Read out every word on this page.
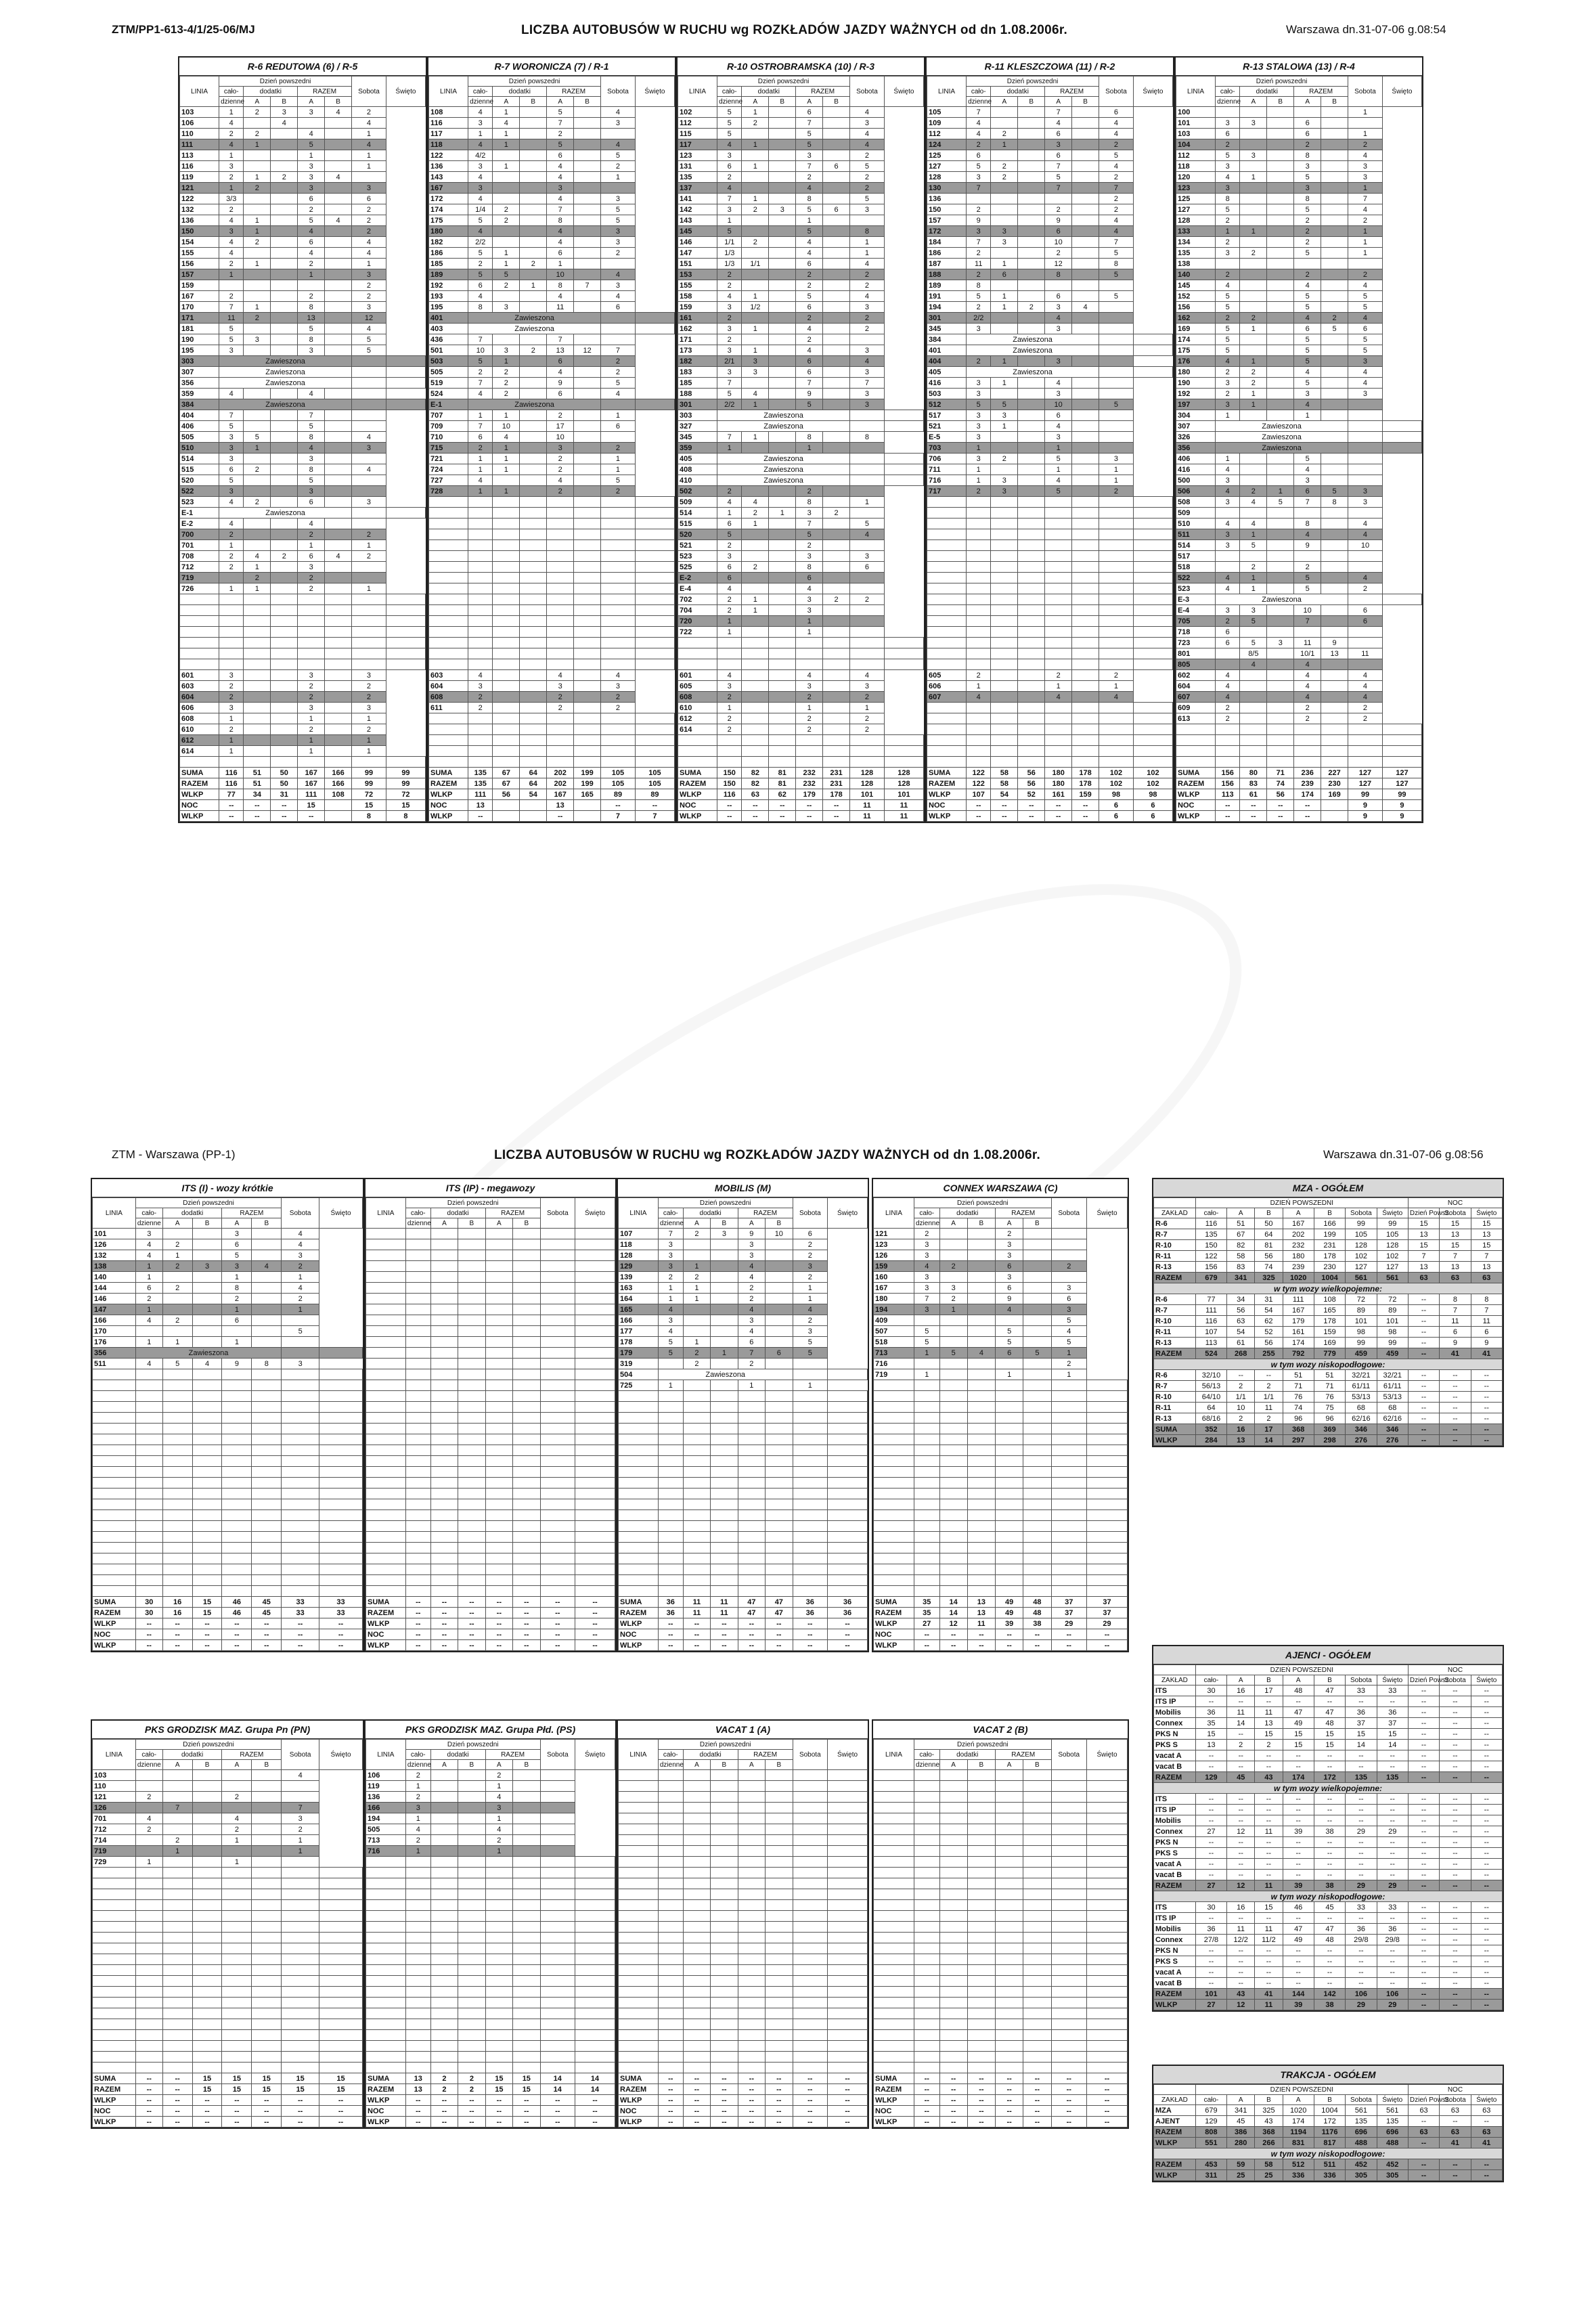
ZTM/PP1-613-4/1/25-06/MJ	LICZBA AUTOBUSÓW W RUCHU wg ROZKŁADÓW JAZDY WAŻNYCH od dn 1.08.2006r.	Warszawa dn.31-07-06 g.08:54
R-6 REDUTOWA (6) / R-5
LINIA	Dzień powszedni					Sobota	Święto
	cało-	dodatki		RAZEM			
	dzienne	A	B	A	B		
103	1	2	3	3	4	2	
106	4		4			4	
110	2	2		4		1	
111	4	1		5		4	
113	1			1		1	
116	3			3		1	
119	2	1	2	3	4		
121	1	2		3		3	
122	3/3			6		6	
132	2			2		2	
136	4	1		5	4	2	
150	3	1		4		2	
154	4	2		6		4	
155	4			4		4	
156	2	1		2		1	
157	1			1		3	
159						2	
167	2			2		2	
170	7	1		8		3	
171	11	2		13		12	
181	5			5		4	
190	5	3		8		5	
195	3			3		5	
303	Zawieszona						
307	Zawieszona						
356	Zawieszona						
359	4			4			
384	Zawieszona						
404	7			7			
406	5			5			
505	3	5		8		4	
510	3	1		4		3	
514	3			3			
515	6	2		8		4	
520	5			5			
522	3			3			
523	4	2		6		3	
E-1	Zawieszona						
E-2	4			4			
700	2			2		2	
701	1			1		1	
708	2	4	2	6	4	2	
712	2	1		3			
719		2		2			
726	1	1		2		1	

601	3			3		3	
603	2			2		2	
604	2			2		2	
606	3			3		3	
608	1			1		1	
610	2			2		2	
612	1			1		1	
614	1			1		1	

SUMA	116	51	50	167	166	99	99
RAZEM	116	51	50	167	166	99	99
WLKP	77	34	31	111	108	72	72
NOC	--	--	--	15		15	15
WLKP	--	--	--	--		8	8
R-7 WORONICZA (7) / R-1
LINIA	Dzień powszedni					Sobota	Święto
	cało-	dodatki		RAZEM			
	dzienne	A	B	A	B		
108	4	1		5		4	
116	3	4		7		3	
117	1	1		2			
118	4	1		5		4	
122	4/2			6		5	
136	3	1		4		2	
143	4			4		1	
167	3			3			
172	4			4		3	
174	1/4	2		7		5	
175	5	2		8		5	
180	4			4		3	
182	2/2			4		3	
186	5	1		6		2	
185	2	1	2	1			
189	5	5		10		4	
192	6	2	1	8	7	3	
193	4			4		4	
195	8	3		11		6	
401	Zawieszona						
403	Zawieszona						
436	7			7			
501	10	3	2	13	12	7	
503	5	1		6		2	
505	2	2		4		2	
519	7	2		9		5	
524	4	2		6		4	
E-1	Zawieszona						
707	1	1		2		1	
709	7	10		17		6	
710	6	4		10			
715	2	1		3		2	
721	1	1		2		1	
724	1	1		2		1	
727	4			4		5	
728	1	1		2		2	

603	4			4		4	
604	3			3		3	
608	2			2		2	
611	2			2		2	

SUMA	135	67	64	202	199	105	105
RAZEM	135	67	64	202	199	105	105
WLKP	111	56	54	167	165	89	89
NOC	13			13		--	--
WLKP	--			--		7	7
R-10 OSTROBRAMSKA (10) / R-3
LINIA	Dzień powszedni					Sobota	Święto
	cało-	dodatki		RAZEM			
	dzienne	A	B	A	B		
102	5	1		6		4	
112	5	2		7		3	
115	5			5		4	
117	4	1		5		4	
123	3			3		2	
131	6	1		7	6	5	
135	2			2		2	
137	4			4		2	
141	7	1		8		5	
142	3	2	3	5	6	3	
143	1			1			
145	5			5		8	
146	1/1	2		4		1	
147	1/3			4		1	
151	1/3	1/1		6		4	
153	2			2		2	
155	2			2		2	
158	4	1		5		4	
159	3	1/2		6		3	
161	2			2		2	
162	3	1		4		2	
171	2			2			
173	3	1		4		3	
182	2/1	3		6		4	
183	3	3		6		3	
185	7			7		7	
188	5	4		9		3	
301	2/2	1		5		3	
303	Zawieszona						
327	Zawieszona						
345	7	1		8		8	
359	1			1			
405	Zawieszona						
408	Zawieszona						
410	Zawieszona						
502	2			2			
509	4	4		8		1	
514	1	2	1	3	2		
515	6	1		7		5	
520	5			5		4	
521	2			2			
523	3			3		3	
525	6	2		8		6	
E-2	6			6			
E-4	4			4			
702	2	1		3	2	2	
704	2	1		3			
720	1			1			
722	1			1			

601	4			4		4	
605	3			3		3	
608	2			2		2	
610	1			1		1	
612	2			2		2	
614	2			2		2	

SUMA	150	82	81	232	231	128	128
RAZEM	150	82	81	232	231	128	128
WLKP	116	63	62	179	178	101	101
NOC	--	--	--	--	--	11	11
WLKP	--	--	--	--	--	11	11
R-11 KLESZCZOWA (11) / R-2
LINIA	Dzień powszedni					Sobota	Święto
	cało-	dodatki		RAZEM			
	dzienne	A	B	A	B		
105	7			7		6	
109	4			4		4	
112	4	2		6		4	
124	2	1		3		2	
125	6			6		5	
127	5	2		7		4	
128	3	2		5		2	
130	7			7		7	
136						2	
150	2			2		2	
157	9			9		4	
172	3	3		6		4	
184	7	3		10		7	
186	2			2		5	
187	11	1		12		8	
188	2	6		8		5	
189	8						
191	5	1		6		5	
194	2	1	2	3	4		
301	2/2			4			
345	3			3			
384	Zawieszona						
401	Zawieszona						
404	2	1		3			
405	Zawieszona						
416	3	1		4			
503	3			3			
512	5	5		10		5	
517	3	3		6			
521	3	1		4			
E-5	3			3			
703	1			1			
706	3	2		5		3	
711	1			1		1	
716	1	3		4		1	
717	2	3		5		2	

605	2			2		2	
606	1			1		1	
607	4			4		4	

SUMA	122	58	56	180	178	102	102
RAZEM	122	58	56	180	178	102	102
WLKP	107	54	52	161	159	98	98
NOC	--	--	--	--	--	6	6
WLKP	--	--	--	--	--	6	6
R-13 STALOWA (13) / R-4
LINIA	Dzień powszedni					Sobota	Święto
	cało-	dodatki		RAZEM			
	dzienne	A	B	A	B		
100						1	
101	3	3		6			
103	6			6		1	
104	2			2		2	
112	5	3		8		4	
118	3			3		3	
120	4	1		5		3	
123	3			3		1	
125	8			8		7	
127	5			5		4	
128	2			2		2	
133	1	1		2		1	
134	2			2		1	
135	3	2		5		1	
138							
140	2			2		2	
145	4			4		4	
152	5			5		5	
156	5			5		5	
162	2	2		4	2	4	
169	5	1		6	5	6	
174	5			5		5	
175	5			5		5	
176	4	1		5		3	
180	2	2		4		4	
190	3	2		5		4	
192	2	1		3		3	
197	3	1		4			
304	1			1			
307	Zawieszona						
326	Zawieszona						
356	Zawieszona						
406	1			5			
416	4			4			
500	3			3			
506	4	2	1	6	5	3	
508	3	4	5	7	8	3	
509							
510	4	4		8		4	
511	3	1		4		4	
514	3	5		9		10	
517							
518		2		2			
522	4	1		5		4	
523	4	1		5		2	
E-3	Zawieszona						
E-4	3	3		10		6	
705	2	5		7		6	
718	6						
723	6	5	3	11	9		
801		8/5		10/1	13	11	
805		4		4			
602	4			4		4	
604	4			4		4	
607	4			4		4	
609	2			2		2	
613	2			2		2	

SUMA	156	80	71	236	227	127	127
RAZEM	156	83	74	239	230	127	127
WLKP	113	61	56	174	169	99	99
NOC	--	--	--	--		9	9
WLKP	--	--	--	--		9	9
ZTM - Warszawa (PP-1)	LICZBA AUTOBUSÓW W RUCHU wg ROZKŁADÓW JAZDY WAŻNYCH od dn 1.08.2006r.	Warszawa dn.31-07-06 g.08:56
ITS (I) - wozy krótkie
LINIA	Dzień powszedni					Sobota	Święto
	cało-	dodatki		RAZEM			
	dzienne	A	B	A	B		
101	3			3		4	
126	4	2		6		4	
132	4	1		5		3	
138	1	2	3	3	4	2	
140	1			1		1	
144	6	2		8		4	
146	2			2		2	
147	1			1		1	
166	4	2		6			
170						5	
176	1	1		1			
356	Zawieszona						
511	4	5	4	9	8	3	

SUMA	30	16	15	46	45	33	33
RAZEM	30	16	15	46	45	33	33
WLKP	--	--	--	--	--	--	--
NOC	--	--	--	--	--	--	--
WLKP	--	--	--	--	--	--	--
ITS (IP) - megawozy
LINIA	Dzień powszedni					Sobota	Święto
	cało-	dodatki		RAZEM			
	dzienne	A	B	A	B		

SUMA	--	--	--	--	--	--	--
RAZEM	--	--	--	--	--	--	--
WLKP	--	--	--	--	--	--	--
NOC	--	--	--	--	--	--	--
WLKP	--	--	--	--	--	--	--
MOBILIS (M)
LINIA	Dzień powszedni					Sobota	Święto
	cało-	dodatki		RAZEM			
	dzienne	A	B	A	B		
107	7	2	3	9	10	6	
118	3			3		2	
128	3			3		2	
129	3	1		4		3	
139	2	2		4		2	
163	1	1		2		1	
164	1	1		2		1	
165	4			4		4	
166	3			3		2	
177	4			4		3	
178	5	1		6		5	
179	5	2	1	7	6	5	
319		2		2			
504	Zawieszona						
725	1			1		1	

SUMA	36	11	11	47	47	36	36
RAZEM	36	11	11	47	47	36	36
WLKP	--	--	--	--	--	--	--
NOC	--	--	--	--	--	--	--
WLKP	--	--	--	--	--	--	--
CONNEX WARSZAWA (C)
LINIA	Dzień powszedni					Sobota	Święto
	cało-	dodatki		RAZEM			
	dzienne	A	B	A	B		
121	2			2			
123	3			3			
126	3			3			
159	4	2		6		2	
160	3			3			
167	3	3		6		3	
180	7	2		9		6	
194	3	1		4		3	
409						5	
507	5			5		4	
518	5			5		5	
713	1	5	4	6	5	1	
716						2	
719	1			1		1	

SUMA	35	14	13	49	48	37	37
RAZEM	35	14	13	49	48	37	37
WLKP	27	12	11	39	38	29	29
NOC	--	--	--	--	--	--	--
WLKP	--	--	--	--	--	--	--
PKS GRODZISK MAZ. Grupa Pn (PN)
LINIA	Dzień powszedni					Sobota	Święto
	cało-	dodatki		RAZEM			
	dzienne	A	B	A	B		
103						4	
110							
121	2			2			
126		7				7	
701	4			4		3	
712	2			2		2	
714		2		1		1	
719		1				1	
729	1			1			

SUMA	--	--	15	15	15	15	15
RAZEM	--	--	15	15	15	15	15
WLKP	--	--	--	--	--	--	--
NOC	--	--	--	--	--	--	--
WLKP	--	--	--	--	--	--	--
PKS GRODZISK MAZ. Grupa Płd. (PS)
LINIA	Dzień powszedni					Sobota	Święto
	cało-	dodatki		RAZEM			
	dzienne	A	B	A	B		
106	2			2			
119	1			1			
136	2			4			
166	3			3			
194	1			1			
505	4			4			
713	2			2			
716	1			1			

SUMA	13	2	2	15	15	14	14
RAZEM	13	2	2	15	15	14	14
WLKP	--	--	--	--	--	--	--
NOC	--	--	--	--	--	--	--
WLKP	--	--	--	--	--	--	--
VACAT 1 (A)
LINIA	Dzień powszedni					Sobota	Święto
	cało-	dodatki		RAZEM			
	dzienne	A	B	A	B		

SUMA	--	--	--	--	--	--	--
RAZEM	--	--	--	--	--	--	--
WLKP	--	--	--	--	--	--	--
NOC	--	--	--	--	--	--	--
WLKP	--	--	--	--	--	--	--
VACAT 2 (B)
LINIA	Dzień powszedni					Sobota	Święto
	cało-	dodatki		RAZEM			
	dzienne	A	B	A	B		

SUMA	--	--	--	--	--	--	--
RAZEM	--	--	--	--	--	--	--
WLKP	--	--	--	--	--	--	--
NOC	--	--	--	--	--	--	--
WLKP	--	--	--	--	--	--	--
MZA - OGÓŁEM
	DZIEŃ POWSZEDNI							NOC		
ZAKŁAD	cało-	A	B	A	B	Sobota	Święto	Dzień Powsz.	Sobota	Święto
R-6	116	51	50	167	166	99	99	15	15	15
R-7	135	67	64	202	199	105	105	13	13	13
R-10	150	82	81	232	231	128	128	15	15	15
R-11	122	58	56	180	178	102	102	7	7	7
R-13	156	83	74	239	230	127	127	13	13	13
RAZEM	679	341	325	1020	1004	561	561	63	63	63
w tym wozy wielkopojemne:										
R-6	77	34	31	111	108	72	72	--	8	8
R-7	111	56	54	167	165	89	89	--	7	7
R-10	116	63	62	179	178	101	101	--	11	11
R-11	107	54	52	161	159	98	98	--	6	6
R-13	113	61	56	174	169	99	99	--	9	9
RAZEM	524	268	255	792	779	459	459	--	41	41
w tym wozy niskopodłogowe:										
R-6	32/10	--	--	51	51	32/21	32/21	--	--	--
R-7	56/13	2	2	71	71	61/11	61/11	--	--	--
R-10	64/10	1/1	1/1	76	76	53/13	53/13	--	--	--
R-11	64	10	11	74	75	68	68	--	--	--
R-13	68/16	2	2	96	96	62/16	62/16	--	--	--
SUMA	352	16	17	368	369	346	346	--	--	--
WLKP	284	13	14	297	298	276	276	--	--	--
AJENCI - OGÓŁEM
	DZIEŃ POWSZEDNI							NOC		
ZAKŁAD	cało-	A	B	A	B	Sobota	Święto	Dzień Powsz.	Sobota	Święto
ITS	30	16	17	48	47	33	33	--	--	--
ITS IP	--	--	--	--	--	--	--	--	--	--
Mobilis	36	11	11	47	47	36	36	--	--	--
Connex	35	14	13	49	48	37	37	--	--	--
PKS N	15	--	15	15	15	15	15	--	--	--
PKS S	13	2	2	15	15	14	14	--	--	--
vacat A	--	--	--	--	--	--	--	--	--	--
vacat B	--	--	--	--	--	--	--	--	--	--
RAZEM	129	45	43	174	172	135	135	--	--	--
w tym wozy wielkopojemne:										
ITS	--	--	--	--	--	--	--	--	--	--
ITS IP	--	--	--	--	--	--	--	--	--	--
Mobilis	--	--	--	--	--	--	--	--	--	--
Connex	27	12	11	39	38	29	29	--	--	--
PKS N	--	--	--	--	--	--	--	--	--	--
PKS S	--	--	--	--	--	--	--	--	--	--
vacat A	--	--	--	--	--	--	--	--	--	--
vacat B	--	--	--	--	--	--	--	--	--	--
RAZEM	27	12	11	39	38	29	29	--	--	--
w tym wozy niskopodłogowe:										
ITS	30	16	15	46	45	33	33	--	--	--
ITS IP	--	--	--	--	--	--	--	--	--	--
Mobilis	36	11	11	47	47	36	36	--	--	--
Connex	27/8	12/2	11/2	49	48	29/8	29/8	--	--	--
PKS N	--	--	--	--	--	--	--	--	--	--
PKS S	--	--	--	--	--	--	--	--	--	--
vacat A	--	--	--	--	--	--	--	--	--	--
vacat B	--	--	--	--	--	--	--	--	--	--
RAZEM	101	43	41	144	142	106	106	--	--	--
WLKP	27	12	11	39	38	29	29	--	--	--
TRAKCJA - OGÓŁEM
	DZIEŃ POWSZEDNI							NOC		
ZAKŁAD	cało-	A	B	A	B	Sobota	Święto	Dzień Powsz.	Sobota	Święto
MZA	679	341	325	1020	1004	561	561	63	63	63
AJENT	129	45	43	174	172	135	135	--	--	--
RAZEM	808	386	368	1194	1176	696	696	63	63	63
WLKP	551	280	266	831	817	488	488	--	41	41
w tym wozy niskopodłogowe:										
RAZEM	453	59	58	512	511	452	452	--	--	--
WLKP	311	25	25	336	336	305	305	--	--	--
